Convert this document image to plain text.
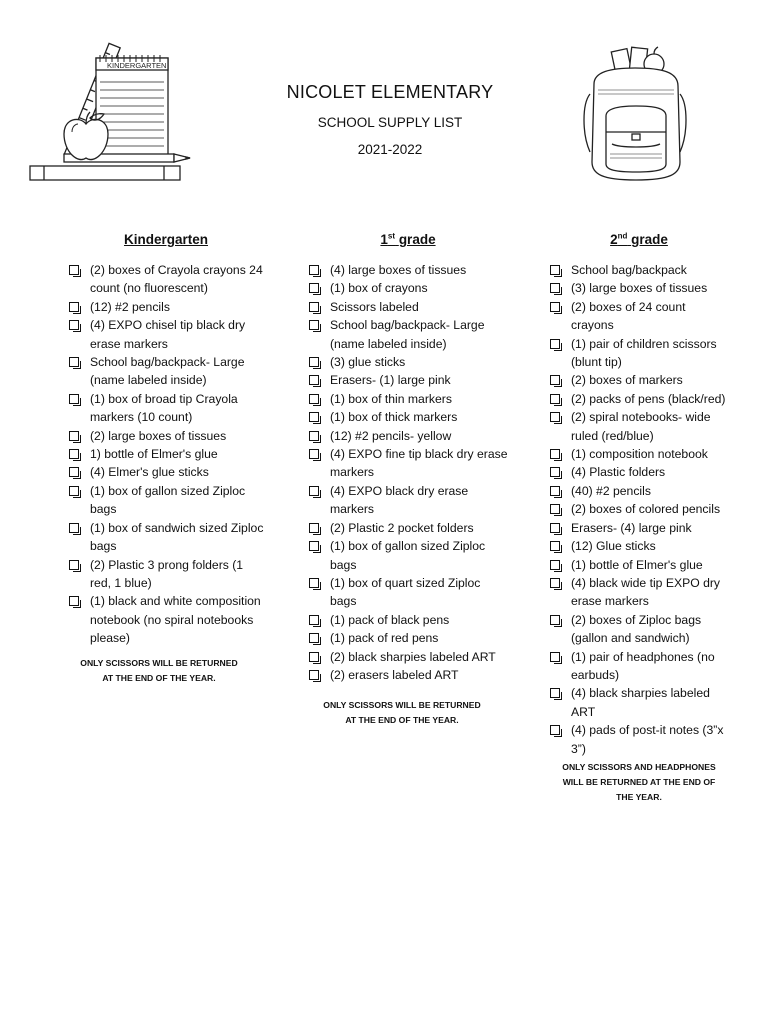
KINDERGARTEN
NICOLET ELEMENTARY
SCHOOL SUPPLY LIST
2021-2022
Kindergarten
(2) boxes of Crayola crayons 24 count (no fluorescent)
(12) #2 pencils
(4) EXPO chisel tip black dry erase markers
School bag/backpack- Large (name labeled inside)
(1) box of broad tip Crayola markers (10 count)
(2) large boxes of tissues
1) bottle of Elmer's glue
(4) Elmer's glue sticks
(1) box of gallon sized Ziploc bags
(1) box of sandwich sized Ziploc bags
(2) Plastic 3 prong folders (1 red, 1 blue)
(1) black and white composition notebook (no spiral notebooks please)
ONLY SCISSORS WILL BE RETURNED
AT THE END OF THE YEAR.
1st grade
(4) large boxes of tissues
(1) box of crayons
Scissors labeled
School bag/backpack- Large (name labeled inside)
(3) glue sticks
Erasers- (1) large pink
(1) box of thin markers
(1) box of thick markers
(12) #2 pencils- yellow
(4) EXPO fine tip black dry erase markers
(4) EXPO black dry erase markers
(2) Plastic 2 pocket folders
(1) box of gallon sized Ziploc bags
(1) box of quart sized Ziploc bags
(1) pack of black pens
(1) pack of red pens
(2) black sharpies labeled ART
(2) erasers labeled ART
ONLY SCISSORS WILL BE RETURNED
AT THE END OF THE YEAR.
2nd grade
School bag/backpack
(3) large boxes of tissues
(2) boxes of 24 count crayons
(1) pair of children scissors (blunt tip)
(2) boxes of markers
(2) packs of pens (black/red)
(2) spiral notebooks- wide ruled (red/blue)
(1) composition notebook
(4) Plastic folders
(40) #2 pencils
(2) boxes of colored pencils
Erasers- (4) large pink
(12) Glue sticks
(1) bottle of Elmer's glue
(4) black wide tip EXPO dry erase markers
(2) boxes of Ziploc bags (gallon and sandwich)
(1) pair of headphones (no earbuds)
(4) black sharpies labeled ART
(4) pads of post-it notes (3”x 3”)
ONLY SCISSORS AND HEADPHONES
WILL BE RETURNED AT THE END OF
THE YEAR.
